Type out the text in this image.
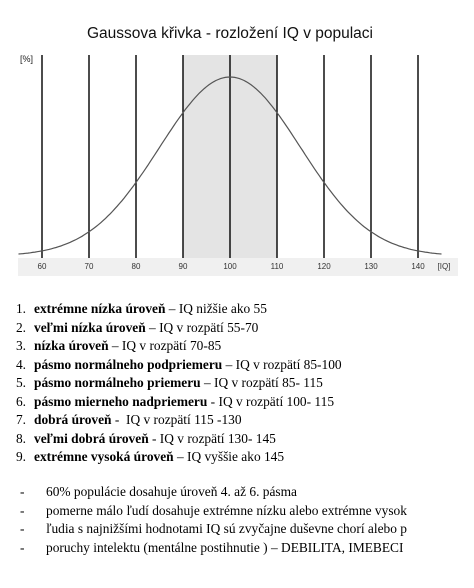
Gaussova křivka - rozložení IQ v populaci
[%]
60	70	80	90	100	110	120	130	140 [IQ]
1. extrémne nízka úroveň – IQ nižšie ako 55
2. veľmi nízka úroveň – IQ v rozpätí 55-70
3. nízka úroveň – IQ v rozpätí 70-85
4. pásmo normálneho podpriemeru – IQ v rozpätí 85-100
5. pásmo normálneho priemeru – IQ v rozpätí 85- 115
6. pásmo mierneho nadpriemeru - IQ v rozpätí 100- 115
7. dobrá úroveň -  IQ v rozpätí 115 -130
8. veľmi dobrá úroveň - IQ v rozpätí 130- 145
9. extrémne vysoká úroveň – IQ vyššie ako 145
-	60% populácie dosahuje úroveň 4. až 6. pásma
-	pomerne málo ľudí dosahuje extrémne nízku alebo extrémne vysok
-	ľudia s najnižšími hodnotami IQ sú zvyčajne duševne chorí alebo p
-	poruchy intelektu (mentálne postihnutie ) – DEBILITA, IMEBECI
